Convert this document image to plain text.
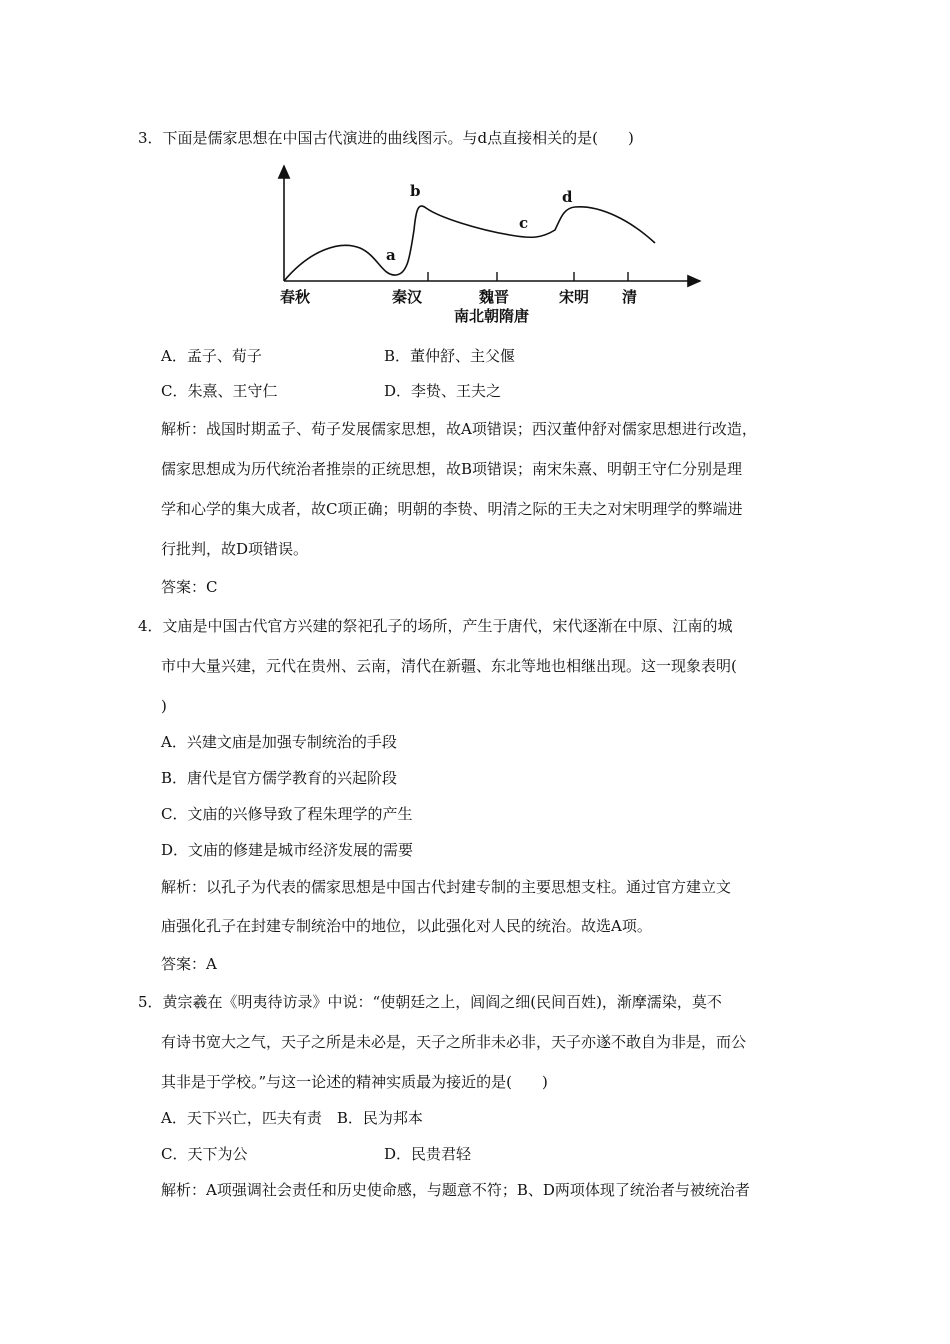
3．下面是儒家思想在中国古代演进的曲线图示。与d点直接相关的是(　　)
a
b
c
d
春秋	秦汉	魏晋	宋明 清
南北朝隋唐
A．孟子、荀子	B．董仲舒、主父偃
C．朱熹、王守仁	D．李贽、王夫之
解析：战国时期孟子、荀子发展儒家思想，故A项错误；西汉董仲舒对儒家思想进行改造，
儒家思想成为历代统治者推崇的正统思想，故B项错误；南宋朱熹、明朝王守仁分别是理
学和心学的集大成者，故C项正确；明朝的李贽、明清之际的王夫之对宋明理学的弊端进
行批判，故D项错误。
答案：C
4．文庙是中国古代官方兴建的祭祀孔子的场所，产生于唐代，宋代逐渐在中原、江南的城
市中大量兴建，元代在贵州、云南，清代在新疆、东北等地也相继出现。这一现象表明(
)
A．兴建文庙是加强专制统治的手段
B．唐代是官方儒学教育的兴起阶段
C．文庙的兴修导致了程朱理学的产生
D．文庙的修建是城市经济发展的需要
解析：以孔子为代表的儒家思想是中国古代封建专制的主要思想支柱。通过官方建立文
庙强化孔子在封建专制统治中的地位，以此强化对人民的统治。故选A项。
答案：A
5．黄宗羲在《明夷待访录》中说：“使朝廷之上，闾阎之细(民间百姓)，渐摩濡染，莫不
有诗书宽大之气，天子之所是未必是，天子之所非未必非，天子亦遂不敢自为非是，而公
其非是于学校。”与这一论述的精神实质最为接近的是(　　)
A．天下兴亡，匹夫有责　B．民为邦本
C．天下为公	D．民贵君轻
解析：A项强调社会责任和历史使命感，与题意不符；B、D两项体现了统治者与被统治者
